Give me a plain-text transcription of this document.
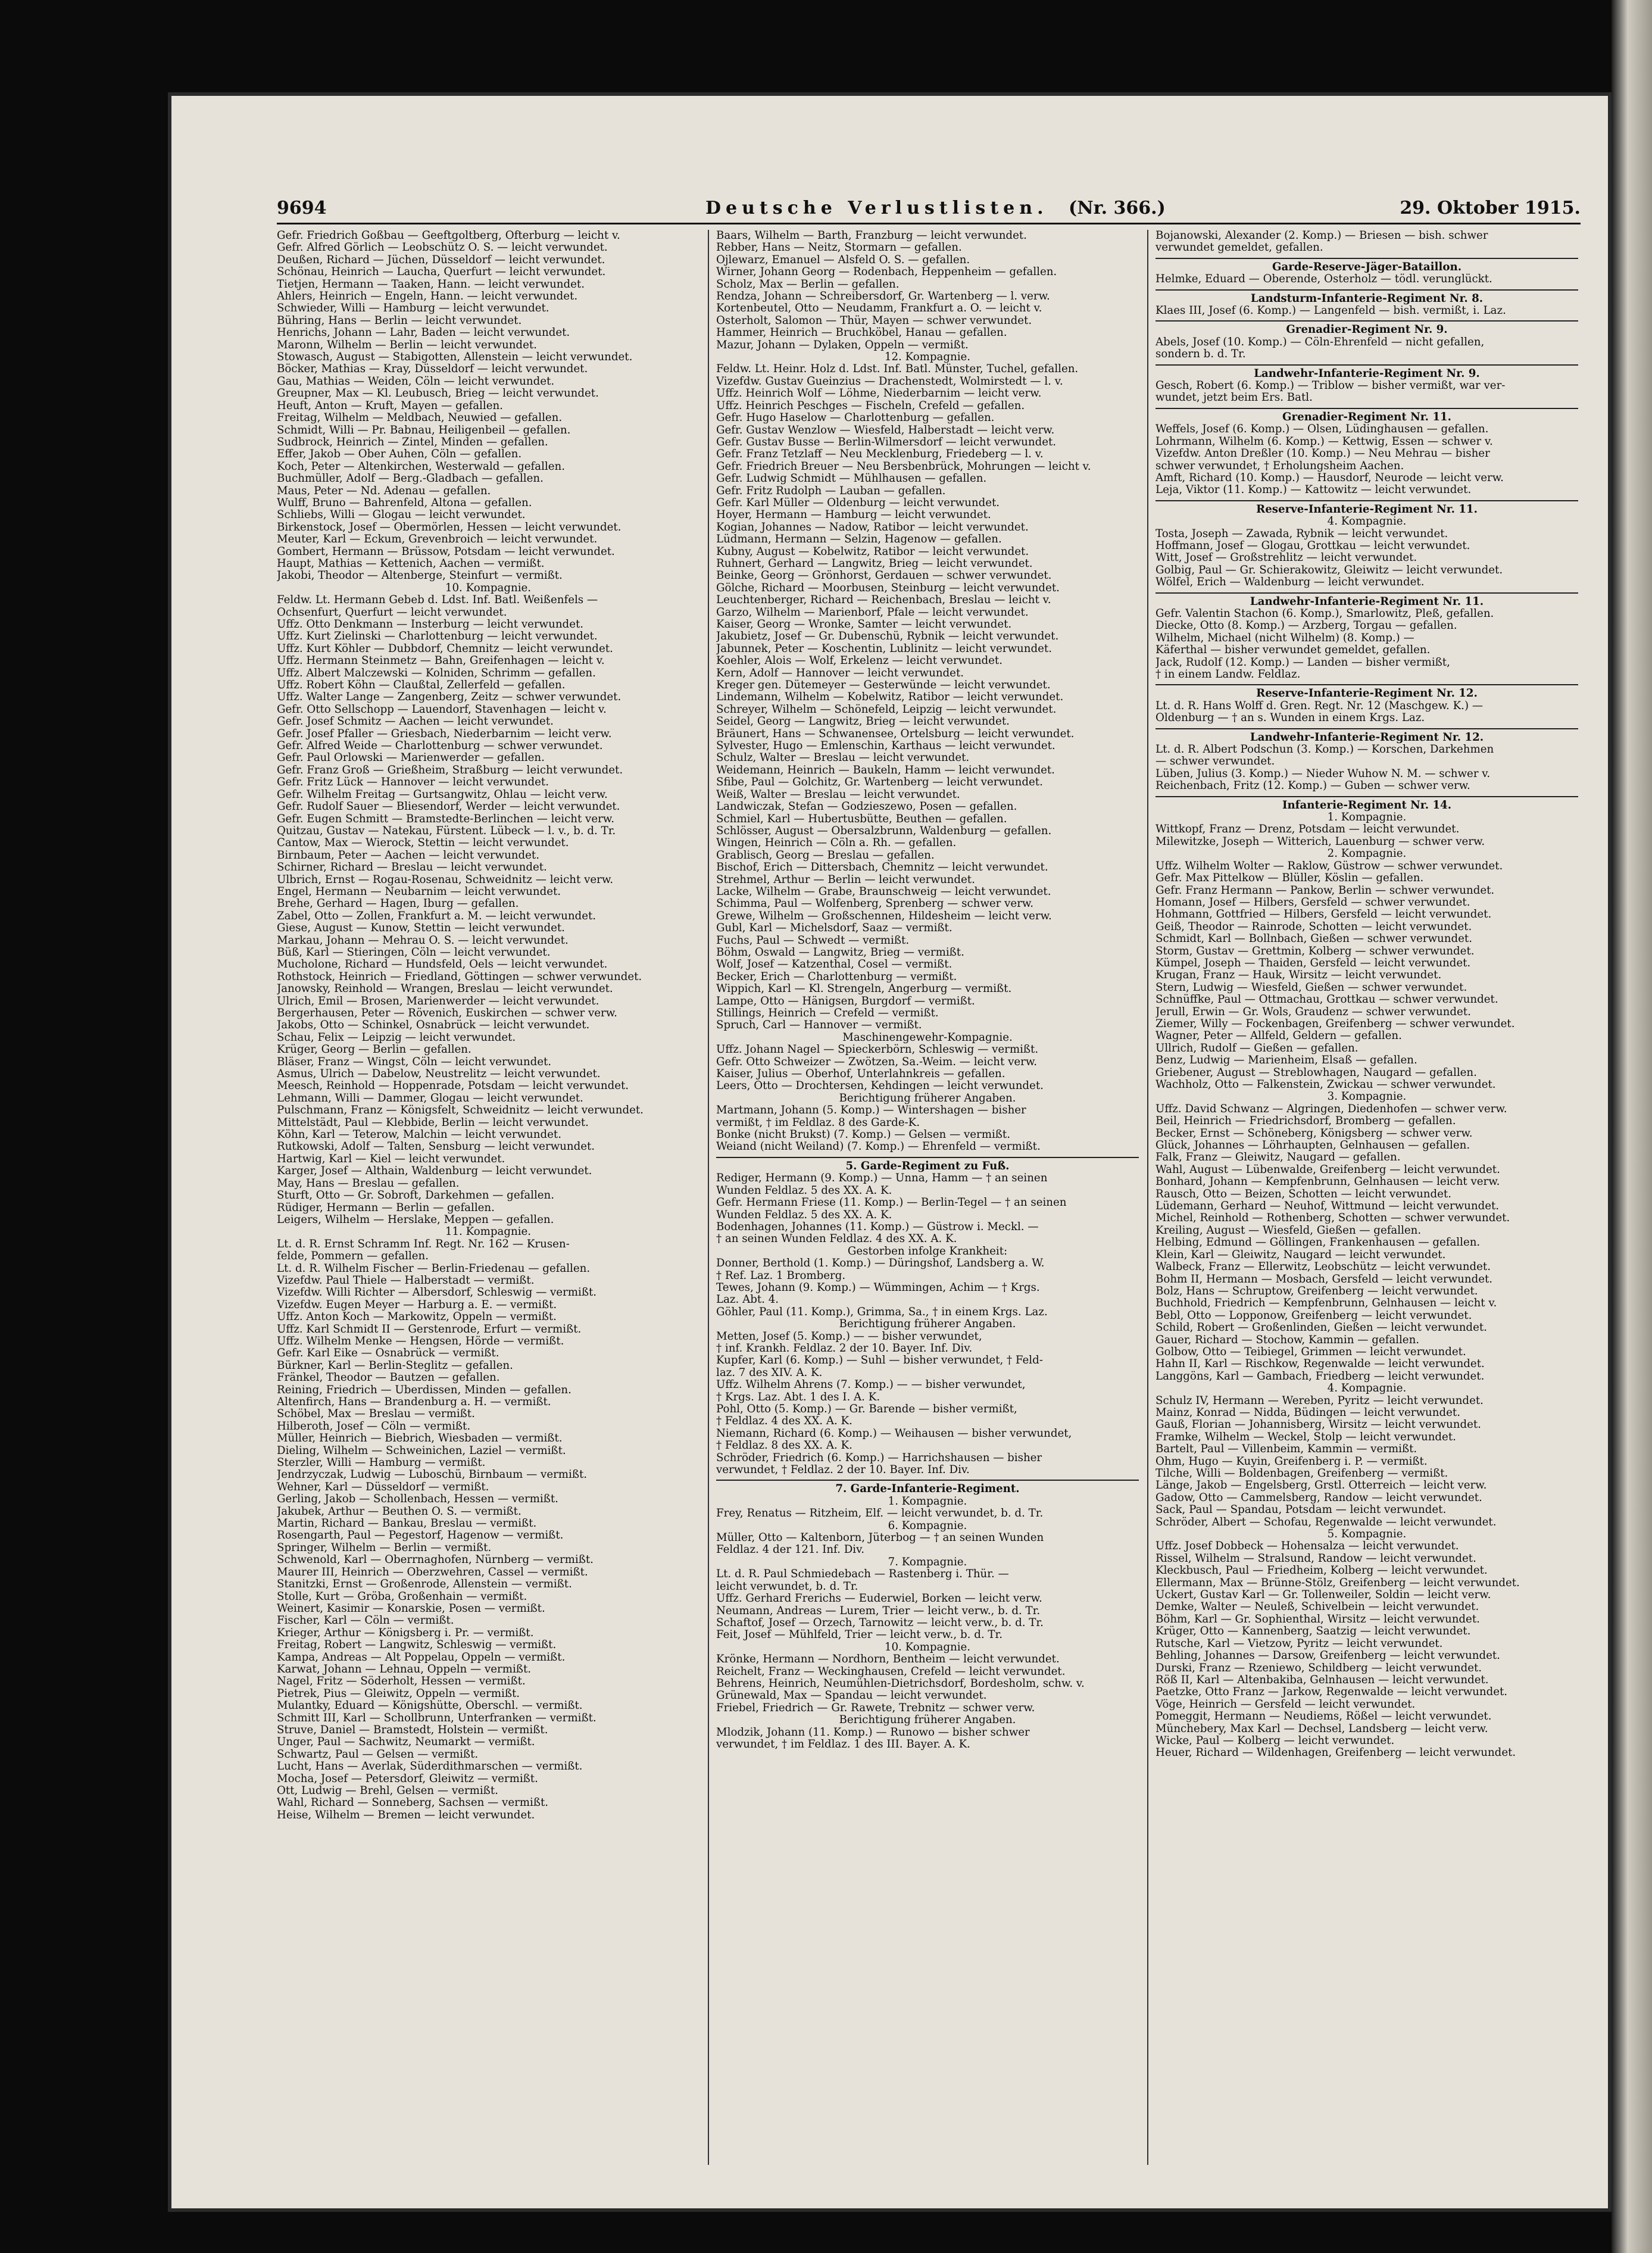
9694	Deutsche Verlustlisten. (Nr. 366.)	29. Oktober 1915.
Gefr. Friedrich Goßbau — Geeftgoltberg, Ofterburg — leicht v.
Gefr. Alfred Görlich — Leobschütz O. S. — leicht verwundet.
Deußen, Richard — Jüchen, Düsseldorf — leicht verwundet.
Schönau, Heinrich — Laucha, Querfurt — leicht verwundet.
Tietjen, Hermann — Taaken, Hann. — leicht verwundet.
Ahlers, Heinrich — Engeln, Hann. — leicht verwundet.
Schwieder, Willi — Hamburg — leicht verwundet.
Bühring, Hans — Berlin — leicht verwundet.
Henrichs, Johann — Lahr, Baden — leicht verwundet.
Maronn, Wilhelm — Berlin — leicht verwundet.
Stowasch, August — Stabigotten, Allenstein — leicht verwundet.
Böcker, Mathias — Kray, Düsseldorf — leicht verwundet.
Gau, Mathias — Weiden, Cöln — leicht verwundet.
Greupner, Max — Kl. Leubusch, Brieg — leicht verwundet.
Heuft, Anton — Kruft, Mayen — gefallen.
Freitag, Wilhelm — Meldbach, Neuwied — gefallen.
Schmidt, Willi — Pr. Babnau, Heiligenbeil — gefallen.
Sudbrock, Heinrich — Zintel, Minden — gefallen.
Effer, Jakob — Ober Auhen, Cöln — gefallen.
Koch, Peter — Altenkirchen, Westerwald — gefallen.
Buchmüller, Adolf — Berg.-Gladbach — gefallen.
Maus, Peter — Nd. Adenau — gefallen.
Wulff, Bruno — Bahrenfeld, Altona — gefallen.
Schliebs, Willi — Glogau — leicht verwundet.
Birkenstock, Josef — Obermörlen, Hessen — leicht verwundet.
Meuter, Karl — Eckum, Grevenbroich — leicht verwundet.
Gombert, Hermann — Brüssow, Potsdam — leicht verwundet.
Haupt, Mathias — Kettenich, Aachen — vermißt.
Jakobi, Theodor — Altenberge, Steinfurt — vermißt.
10. Kompagnie.
Feldw. Lt. Hermann Gebeb d. Ldst. Inf. Batl. Weißenfels —
Ochsenfurt, Querfurt — leicht verwundet.
Uffz. Otto Denkmann — Insterburg — leicht verwundet.
Uffz. Kurt Zielinski — Charlottenburg — leicht verwundet.
Uffz. Kurt Köhler — Dubbdorf, Chemnitz — leicht verwundet.
Uffz. Hermann Steinmetz — Bahn, Greifenhagen — leicht v.
Uffz. Albert Malczewski — Kolniden, Schrimm — gefallen.
Uffz. Robert Köhn — Claußtal, Zellerfeld — gefallen.
Uffz. Walter Lange — Zangenberg, Zeitz — schwer verwundet.
Gefr. Otto Sellschopp — Lauendorf, Stavenhagen — leicht v.
Gefr. Josef Schmitz — Aachen — leicht verwundet.
Gefr. Josef Pfaller — Griesbach, Niederbarnim — leicht verw.
Gefr. Alfred Weide — Charlottenburg — schwer verwundet.
Gefr. Paul Orlowski — Marienwerder — gefallen.
Gefr. Franz Groß — Grießheim, Straßburg — leicht verwundet.
Gefr. Fritz Lück — Hannover — leicht verwundet.
Gefr. Wilhelm Freitag — Gurtsangwitz, Ohlau — leicht verw.
Gefr. Rudolf Sauer — Bliesendorf, Werder — leicht verwundet.
Gefr. Eugen Schmitt — Bramstedte-Berlinchen — leicht verw.
Quitzau, Gustav — Natekau, Fürstent. Lübeck — l. v., b. d. Tr.
Cantow, Max — Wierock, Stettin — leicht verwundet.
Birnbaum, Peter — Aachen — leicht verwundet.
Schirner, Richard — Breslau — leicht verwundet.
Ulbrich, Ernst — Rogau-Rosenau, Schweidnitz — leicht verw.
Engel, Hermann — Neubarnim — leicht verwundet.
Brehe, Gerhard — Hagen, Iburg — gefallen.
Zabel, Otto — Zollen, Frankfurt a. M. — leicht verwundet.
Giese, August — Kunow, Stettin — leicht verwundet.
Markau, Johann — Mehrau O. S. — leicht verwundet.
Büß, Karl — Stieringen, Cöln — leicht verwundet.
Mucholone, Richard — Hundsfeld, Oels — leicht verwundet.
Rothstock, Heinrich — Friedland, Göttingen — schwer verwundet.
Janowsky, Reinhold — Wrangen, Breslau — leicht verwundet.
Ulrich, Emil — Brosen, Marienwerder — leicht verwundet.
Bergerhausen, Peter — Rövenich, Euskirchen — schwer verw.
Jakobs, Otto — Schinkel, Osnabrück — leicht verwundet.
Schau, Felix — Leipzig — leicht verwundet.
Krüger, Georg — Berlin — gefallen.
Bläser, Franz — Wingst, Cöln — leicht verwundet.
Asmus, Ulrich — Dabelow, Neustrelitz — leicht verwundet.
Meesch, Reinhold — Hoppenrade, Potsdam — leicht verwundet.
Lehmann, Willi — Dammer, Glogau — leicht verwundet.
Pulschmann, Franz — Königsfelt, Schweidnitz — leicht verwundet.
Mittelstädt, Paul — Klebbide, Berlin — leicht verwundet.
Köhn, Karl — Teterow, Malchin — leicht verwundet.
Rutkowski, Adolf — Talten, Sensburg — leicht verwundet.
Hartwig, Karl — Kiel — leicht verwundet.
Karger, Josef — Althain, Waldenburg — leicht verwundet.
May, Hans — Breslau — gefallen.
Sturft, Otto — Gr. Sobroft, Darkehmen — gefallen.
Rüdiger, Hermann — Berlin — gefallen.
Leigers, Wilhelm — Herslake, Meppen — gefallen.
11. Kompagnie.
Lt. d. R. Ernst Schramm Inf. Regt. Nr. 162 — Krusen-
felde, Pommern — gefallen.
Lt. d. R. Wilhelm Fischer — Berlin-Friedenau — gefallen.
Vizefdw. Paul Thiele — Halberstadt — vermißt.
Vizefdw. Willi Richter — Albersdorf, Schleswig — vermißt.
Vizefdw. Eugen Meyer — Harburg a. E. — vermißt.
Uffz. Anton Koch — Markowitz, Oppeln — vermißt.
Uffz. Karl Schmidt II — Gerstenrode, Erfurt — vermißt.
Uffz. Wilhelm Menke — Hengsen, Hörde — vermißt.
Gefr. Karl Eike — Osnabrück — vermißt.
Bürkner, Karl — Berlin-Steglitz — gefallen.
Fränkel, Theodor — Bautzen — gefallen.
Reining, Friedrich — Überdissen, Minden — gefallen.
Altenfirch, Hans — Brandenburg a. H. — vermißt.
Schöbel, Max — Breslau — vermißt.
Hilberoth, Josef — Cöln — vermißt.
Müller, Heinrich — Biebrich, Wiesbaden — vermißt.
Dieling, Wilhelm — Schweinichen, Laziel — vermißt.
Sterzler, Willi — Hamburg — vermißt.
Jendrzyczak, Ludwig — Luboschü, Birnbaum — vermißt.
Wehner, Karl — Düsseldorf — vermißt.
Gerling, Jakob — Schollenbach, Hessen — vermißt.
Jakubek, Arthur — Beuthen O. S. — vermißt.
Martin, Richard — Bankau, Breslau — vermißt.
Rosengarth, Paul — Pegestorf, Hagenow — vermißt.
Springer, Wilhelm — Berlin — vermißt.
Schwenold, Karl — Oberrnaghofen, Nürnberg — vermißt.
Maurer III, Heinrich — Oberzwehren, Cassel — vermißt.
Stanitzki, Ernst — Großenrode, Allenstein — vermißt.
Stolle, Kurt — Gröba, Großenhain — vermißt.
Weinert, Kasimir — Konarskie, Posen — vermißt.
Fischer, Karl — Cöln — vermißt.
Krieger, Arthur — Königsberg i. Pr. — vermißt.
Freitag, Robert — Langwitz, Schleswig — vermißt.
Kampa, Andreas — Alt Poppelau, Oppeln — vermißt.
Karwat, Johann — Lehnau, Oppeln — vermißt.
Nagel, Fritz — Söderholt, Hessen — vermißt.
Pietrek, Pius — Gleiwitz, Oppeln — vermißt.
Mulantky, Eduard — Königshütte, Oberschl. — vermißt.
Schmitt III, Karl — Schollbrunn, Unterfranken — vermißt.
Struve, Daniel — Bramstedt, Holstein — vermißt.
Unger, Paul — Sachwitz, Neumarkt — vermißt.
Schwartz, Paul — Gelsen — vermißt.
Lucht, Hans — Averlak, Süderdithmarschen — vermißt.
Mocha, Josef — Petersdorf, Gleiwitz — vermißt.
Ott, Ludwig — Brehl, Gelsen — vermißt.
Wahl, Richard — Sonneberg, Sachsen — vermißt.
Heise, Wilhelm — Bremen — leicht verwundet.
Baars, Wilhelm — Barth, Franzburg — leicht verwundet.
Rebber, Hans — Neitz, Stormarn — gefallen.
Ojlewarz, Emanuel — Alsfeld O. S. — gefallen.
Wirner, Johann Georg — Rodenbach, Heppenheim — gefallen.
Scholz, Max — Berlin — gefallen.
Rendza, Johann — Schreibersdorf, Gr. Wartenberg — l. verw.
Kortenbeutel, Otto — Neudamm, Frankfurt a. O. — leicht v.
Osterholt, Salomon — Thür, Mayen — schwer verwundet.
Hammer, Heinrich — Bruchköbel, Hanau — gefallen.
Mazur, Johann — Dylaken, Oppeln — vermißt.
12. Kompagnie.
Feldw. Lt. Heinr. Holz d. Ldst. Inf. Batl. Münster, Tuchel, gefallen.
Vizefdw. Gustav Gueinzius — Drachenstedt, Wolmirstedt — l. v.
Uffz. Heinrich Wolf — Löhme, Niederbarnim — leicht verw.
Uffz. Heinrich Peschges — Fischeln, Crefeld — gefallen.
Gefr. Hugo Haselow — Charlottenburg — gefallen.
Gefr. Gustav Wenzlow — Wiesfeld, Halberstadt — leicht verw.
Gefr. Gustav Busse — Berlin-Wilmersdorf — leicht verwundet.
Gefr. Franz Tetzlaff — Neu Mecklenburg, Friedeberg — l. v.
Gefr. Friedrich Breuer — Neu Bersbenbrück, Mohrungen — leicht v.
Gefr. Ludwig Schmidt — Mühlhausen — gefallen.
Gefr. Fritz Rudolph — Lauban — gefallen.
Gefr. Karl Müller — Oldenburg — leicht verwundet.
Hoyer, Hermann — Hamburg — leicht verwundet.
Kogian, Johannes — Nadow, Ratibor — leicht verwundet.
Lüdmann, Hermann — Selzin, Hagenow — gefallen.
Kubny, August — Kobelwitz, Ratibor — leicht verwundet.
Ruhnert, Gerhard — Langwitz, Brieg — leicht verwundet.
Beinke, Georg — Grönhorst, Gerdauen — schwer verwundet.
Gölche, Richard — Moorbusen, Steinburg — leicht verwundet.
Leuchtenberger, Richard — Reichenbach, Breslau — leicht v.
Garzo, Wilhelm — Marienborf, Pfale — leicht verwundet.
Kaiser, Georg — Wronke, Samter — leicht verwundet.
Jakubietz, Josef — Gr. Dubenschü, Rybnik — leicht verwundet.
Jabunnek, Peter — Koschentin, Lublinitz — leicht verwundet.
Koehler, Alois — Wolf, Erkelenz — leicht verwundet.
Kern, Adolf — Hannover — leicht verwundet.
Kreger gen. Dütemeyer — Gesterwünde — leicht verwundet.
Lindemann, Wilhelm — Kobelwitz, Ratibor — leicht verwundet.
Schreyer, Wilhelm — Schönefeld, Leipzig — leicht verwundet.
Seidel, Georg — Langwitz, Brieg — leicht verwundet.
Bräunert, Hans — Schwanensee, Ortelsburg — leicht verwundet.
Sylvester, Hugo — Emlenschin, Karthaus — leicht verwundet.
Schulz, Walter — Breslau — leicht verwundet.
Weidemann, Heinrich — Baukeln, Hamm — leicht verwundet.
Sfibe, Paul — Golchitz, Gr. Wartenberg — leicht verwundet.
Weiß, Walter — Breslau — leicht verwundet.
Landwiczak, Stefan — Godzieszewo, Posen — gefallen.
Schmiel, Karl — Hubertusbütte, Beuthen — gefallen.
Schlösser, August — Obersalzbrunn, Waldenburg — gefallen.
Wingen, Heinrich — Cöln a. Rh. — gefallen.
Grablisch, Georg — Breslau — gefallen.
Bischof, Erich — Dittersbach, Chemnitz — leicht verwundet.
Strehmel, Arthur — Berlin — leicht verwundet.
Lacke, Wilhelm — Grabe, Braunschweig — leicht verwundet.
Schimma, Paul — Wolfenberg, Sprenberg — schwer verw.
Grewe, Wilhelm — Großschennen, Hildesheim — leicht verw.
Gubl, Karl — Michelsdorf, Saaz — vermißt.
Fuchs, Paul — Schwedt — vermißt.
Böhm, Oswald — Langwitz, Brieg — vermißt.
Wolf, Josef — Katzenthal, Cosel — vermißt.
Becker, Erich — Charlottenburg — vermißt.
Wippich, Karl — Kl. Strengeln, Angerburg — vermißt.
Lampe, Otto — Hänigsen, Burgdorf — vermißt.
Stillings, Heinrich — Crefeld — vermißt.
Spruch, Carl — Hannover — vermißt.
Maschinengewehr-Kompagnie.
Uffz. Johann Nagel — Spieckerbörn, Schleswig — vermißt.
Gefr. Otto Schweizer — Zwötzen, Sa.-Weim. — leicht verw.
Kaiser, Julius — Oberhof, Unterlahnkreis — gefallen.
Leers, Otto — Drochtersen, Kehdingen — leicht verwundet.
Berichtigung früherer Angaben.
Martmann, Johann (5. Komp.) — Wintershagen — bisher
vermißt, † im Feldlaz. 8 des Garde-K.
Bonke (nicht Brukst) (7. Komp.) — Gelsen — vermißt.
Weiand (nicht Weiland) (7. Komp.) — Ehrenfeld — vermißt.
5. Garde-Regiment zu Fuß.
Rediger, Hermann (9. Komp.) — Unna, Hamm — † an seinen
Wunden Feldlaz. 5 des XX. A. K.
Gefr. Hermann Friese (11. Komp.) — Berlin-Tegel — † an seinen
Wunden Feldlaz. 5 des XX. A. K.
Bodenhagen, Johannes (11. Komp.) — Güstrow i. Meckl. —
† an seinen Wunden Feldlaz. 4 des XX. A. K.
Gestorben infolge Krankheit:
Donner, Berthold (1. Komp.) — Düringshof, Landsberg a. W.
† Ref. Laz. 1 Bromberg.
Tewes, Johann (9. Komp.) — Wümmingen, Achim — † Krgs.
Laz. Abt. 4.
Göhler, Paul (11. Komp.), Grimma, Sa., † in einem Krgs. Laz.
Berichtigung früherer Angaben.
Metten, Josef (5. Komp.) — — bisher verwundet,
† inf. Krankh. Feldlaz. 2 der 10. Bayer. Inf. Div.
Kupfer, Karl (6. Komp.) — Suhl — bisher verwundet, † Feld-
laz. 7 des XIV. A. K.
Uffz. Wilhelm Ahrens (7. Komp.) — — bisher verwundet,
† Krgs. Laz. Abt. 1 des I. A. K.
Pohl, Otto (5. Komp.) — Gr. Barende — bisher vermißt,
† Feldlaz. 4 des XX. A. K.
Niemann, Richard (6. Komp.) — Weihausen — bisher verwundet,
† Feldlaz. 8 des XX. A. K.
Schröder, Friedrich (6. Komp.) — Harrichshausen — bisher
verwundet, † Feldlaz. 2 der 10. Bayer. Inf. Div.
7. Garde-Infanterie-Regiment.
1. Kompagnie.
Frey, Renatus — Ritzheim, Elf. — leicht verwundet, b. d. Tr.
6. Kompagnie.
Müller, Otto — Kaltenborn, Jüterbog — † an seinen Wunden
Feldlaz. 4 der 121. Inf. Div.
7. Kompagnie.
Lt. d. R. Paul Schmiedebach — Rastenberg i. Thür. —
leicht verwundet, b. d. Tr.
Uffz. Gerhard Frerichs — Euderwiel, Borken — leicht verw.
Neumann, Andreas — Lurem, Trier — leicht verw., b. d. Tr.
Schaftof, Josef — Orzech, Tarnowitz — leicht verw., b. d. Tr.
Feit, Josef — Mühlfeld, Trier — leicht verw., b. d. Tr.
10. Kompagnie.
Krönke, Hermann — Nordhorn, Bentheim — leicht verwundet.
Reichelt, Franz — Weckinghausen, Crefeld — leicht verwundet.
Behrens, Heinrich, Neumühlen-Dietrichsdorf, Bordesholm, schw. v.
Grünewald, Max — Spandau — leicht verwundet.
Friebel, Friedrich — Gr. Rawete, Trebnitz — schwer verw.
Berichtigung früherer Angaben.
Mlodzik, Johann (11. Komp.) — Runowo — bisher schwer
verwundet, † im Feldlaz. 1 des III. Bayer. A. K.
Bojanowski, Alexander (2. Komp.) — Briesen — bish. schwer
verwundet gemeldet, gefallen.
Garde-Reserve-Jäger-Bataillon.
Helmke, Eduard — Oberende, Osterholz — tödl. verunglückt.
Landsturm-Infanterie-Regiment Nr. 8.
Klaes III, Josef (6. Komp.) — Langenfeld — bish. vermißt, i. Laz.
Grenadier-Regiment Nr. 9.
Abels, Josef (10. Komp.) — Cöln-Ehrenfeld — nicht gefallen,
sondern b. d. Tr.
Landwehr-Infanterie-Regiment Nr. 9.
Gesch, Robert (6. Komp.) — Triblow — bisher vermißt, war ver-
wundet, jetzt beim Ers. Batl.
Grenadier-Regiment Nr. 11.
Weffels, Josef (6. Komp.) — Olsen, Lüdinghausen — gefallen.
Lohrmann, Wilhelm (6. Komp.) — Kettwig, Essen — schwer v.
Vizefdw. Anton Dreßler (10. Komp.) — Neu Mehrau — bisher
schwer verwundet, † Erholungsheim Aachen.
Amft, Richard (10. Komp.) — Hausdorf, Neurode — leicht verw.
Leja, Viktor (11. Komp.) — Kattowitz — leicht verwundet.
Reserve-Infanterie-Regiment Nr. 11.
4. Kompagnie.
Tosta, Joseph — Zawada, Rybnik — leicht verwundet.
Hoffmann, Josef — Glogau, Grottkau — leicht verwundet.
Witt, Josef — Großstrehlitz — leicht verwundet.
Golbig, Paul — Gr. Schierakowitz, Gleiwitz — leicht verwundet.
Wölfel, Erich — Waldenburg — leicht verwundet.
Landwehr-Infanterie-Regiment Nr. 11.
Gefr. Valentin Stachon (6. Komp.), Smarlowitz, Pleß, gefallen.
Diecke, Otto (8. Komp.) — Arzberg, Torgau — gefallen.
Wilhelm, Michael (nicht Wilhelm) (8. Komp.) —
Käferthal — bisher verwundet gemeldet, gefallen.
Jack, Rudolf (12. Komp.) — Landen — bisher vermißt,
† in einem Landw. Feldlaz.
Reserve-Infanterie-Regiment Nr. 12.
Lt. d. R. Hans Wolff d. Gren. Regt. Nr. 12 (Maschgew. K.) —
Oldenburg — † an s. Wunden in einem Krgs. Laz.
Landwehr-Infanterie-Regiment Nr. 12.
Lt. d. R. Albert Podschun (3. Komp.) — Korschen, Darkehmen
— schwer verwundet.
Lüben, Julius (3. Komp.) — Nieder Wuhow N. M. — schwer v.
Reichenbach, Fritz (12. Komp.) — Guben — schwer verw.
Infanterie-Regiment Nr. 14.
1. Kompagnie.
Wittkopf, Franz — Drenz, Potsdam — leicht verwundet.
Milewitzke, Joseph — Witterich, Lauenburg — schwer verw.
2. Kompagnie.
Uffz. Wilhelm Wolter — Raklow, Güstrow — schwer verwundet.
Gefr. Max Pittelkow — Blüller, Köslin — gefallen.
Gefr. Franz Hermann — Pankow, Berlin — schwer verwundet.
Homann, Josef — Hilbers, Gersfeld — schwer verwundet.
Hohmann, Gottfried — Hilbers, Gersfeld — leicht verwundet.
Geiß, Theodor — Rainrode, Schotten — leicht verwundet.
Schmidt, Karl — Bollnbach, Gießen — schwer verwundet.
Storm, Gustav — Grettmin, Kolberg — schwer verwundet.
Kümpel, Joseph — Thaiden, Gersfeld — leicht verwundet.
Krugan, Franz — Hauk, Wirsitz — leicht verwundet.
Stern, Ludwig — Wiesfeld, Gießen — schwer verwundet.
Schnüffke, Paul — Ottmachau, Grottkau — schwer verwundet.
Jerull, Erwin — Gr. Wols, Graudenz — schwer verwundet.
Ziemer, Willy — Fockenbagen, Greifenberg — schwer verwundet.
Wagner, Peter — Allfeld, Geldern — gefallen.
Ullrich, Rudolf — Gießen — gefallen.
Benz, Ludwig — Marienheim, Elsaß — gefallen.
Griebener, August — Streblowhagen, Naugard — gefallen.
Wachholz, Otto — Falkenstein, Zwickau — schwer verwundet.
3. Kompagnie.
Uffz. David Schwanz — Algringen, Diedenhofen — schwer verw.
Beil, Heinrich — Friedrichsdorf, Bromberg — gefallen.
Becker, Ernst — Schöneberg, Königsberg — schwer verw.
Glück, Johannes — Löhrhaupten, Gelnhausen — gefallen.
Falk, Franz — Gleiwitz, Naugard — gefallen.
Wahl, August — Lübenwalde, Greifenberg — leicht verwundet.
Bonhard, Johann — Kempfenbrunn, Gelnhausen — leicht verw.
Rausch, Otto — Beizen, Schotten — leicht verwundet.
Lüdemann, Gerhard — Neuhof, Wittmund — leicht verwundet.
Michel, Reinhold — Rothenberg, Schotten — schwer verwundet.
Kreiling, August — Wiesfeld, Gießen — gefallen.
Helbing, Edmund — Göllingen, Frankenhausen — gefallen.
Klein, Karl — Gleiwitz, Naugard — leicht verwundet.
Walbeck, Franz — Ellerwitz, Leobschütz — leicht verwundet.
Bohm II, Hermann — Mosbach, Gersfeld — leicht verwundet.
Bolz, Hans — Schruptow, Greifenberg — leicht verwundet.
Buchhold, Friedrich — Kempfenbrunn, Gelnhausen — leicht v.
Bebl, Otto — Lopponow, Greifenberg — leicht verwundet.
Schild, Robert — Großenlinden, Gießen — leicht verwundet.
Gauer, Richard — Stochow, Kammin — gefallen.
Golbow, Otto — Teibiegel, Grimmen — leicht verwundet.
Hahn II, Karl — Rischkow, Regenwalde — leicht verwundet.
Langgöns, Karl — Gambach, Friedberg — leicht verwundet.
4. Kompagnie.
Schulz IV, Hermann — Wereben, Pyritz — leicht verwundet.
Mainz, Konrad — Nidda, Büdingen — leicht verwundet.
Gauß, Florian — Johannisberg, Wirsitz — leicht verwundet.
Framke, Wilhelm — Weckel, Stolp — leicht verwundet.
Bartelt, Paul — Villenbeim, Kammin — vermißt.
Ohm, Hugo — Kuyin, Greifenberg i. P. — vermißt.
Tilche, Willi — Boldenbagen, Greifenberg — vermißt.
Länge, Jakob — Engelsberg, Grstl. Otterreich — leicht verw.
Gadow, Otto — Cammelsberg, Randow — leicht verwundet.
Sack, Paul — Spandau, Potsdam — leicht verwundet.
Schröder, Albert — Schofau, Regenwalde — leicht verwundet.
5. Kompagnie.
Uffz. Josef Dobbeck — Hohensalza — leicht verwundet.
Rissel, Wilhelm — Stralsund, Randow — leicht verwundet.
Kleckbusch, Paul — Friedheim, Kolberg — leicht verwundet.
Ellermann, Max — Brünne-Stölz, Greifenberg — leicht verwundet.
Uckert, Gustav Karl — Gr. Tollenweiler, Soldin — leicht verw.
Demke, Walter — Neuleß, Schivelbein — leicht verwundet.
Böhm, Karl — Gr. Sophienthal, Wirsitz — leicht verwundet.
Krüger, Otto — Kannenberg, Saatzig — leicht verwundet.
Rutsche, Karl — Vietzow, Pyritz — leicht verwundet.
Behling, Johannes — Darsow, Greifenberg — leicht verwundet.
Durski, Franz — Rzeniewo, Schildberg — leicht verwundet.
Röß II, Karl — Altenbakiba, Gelnhausen — leicht verwundet.
Paetzke, Otto Franz — Jarkow, Regenwalde — leicht verwundet.
Vöge, Heinrich — Gersfeld — leicht verwundet.
Pomeggit, Hermann — Neudiems, Rößel — leicht verwundet.
Münchebery, Max Karl — Dechsel, Landsberg — leicht verw.
Wicke, Paul — Kolberg — leicht verwundet.
Heuer, Richard — Wildenhagen, Greifenberg — leicht verwundet.
